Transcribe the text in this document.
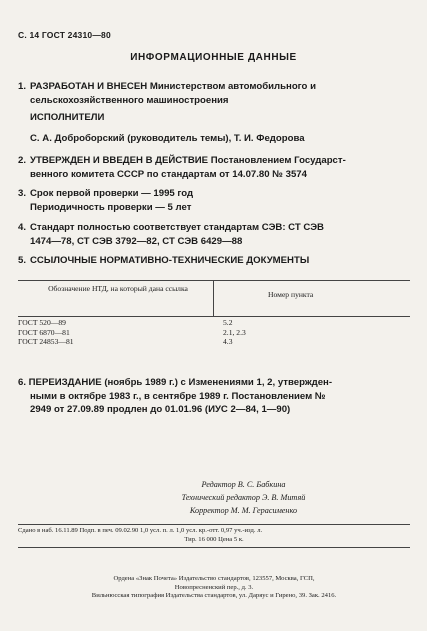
С. 14 ГОСТ 24310—80
ИНФОРМАЦИОННЫЕ ДАННЫЕ
1. РАЗРАБОТАН И ВНЕСЕН Министерством автомобильного и
сельскохозяйственного машиностроения
ИСПОЛНИТЕЛИ
С. А. Доброборский (руководитель темы), Т. И. Федорова
2. УТВЕРЖДЕН И ВВЕДЕН В ДЕЙСТВИЕ Постановлением Государст-
венного комитета СССР по стандартам от 14.07.80 № 3574
3. Срок первой проверки — 1995 год
Периодичность проверки — 5 лет
4. Стандарт полностью соответствует стандартам СЭВ: СТ СЭВ
1474—78, СТ СЭВ 3792—82, СТ СЭВ 6429—88
5. ССЫЛОЧНЫЕ НОРМАТИВНО-ТЕХНИЧЕСКИЕ ДОКУМЕНТЫ
Обозначение НТД, на который дана ссылка
Номер пункта
ГОСТ 520—89
ГОСТ 6870—81
ГОСТ 24853—81
5.2
2.1, 2.3
4.3
6. ПЕРЕИЗДАНИЕ (ноябрь 1989 г.) с Изменениями 1, 2, утвержден-
ными в октябре 1983 г., в сентябре 1989 г. Постановлением №
2949 от 27.09.89 продлен до 01.01.96 (ИУС 2—84, 1—90)
Редактор В. С. Бабкина
Технический редактор Э. В. Митяй
Корректор М. М. Герасименко
Сдано в наб. 16.11.89 Подп. в печ. 09.02.90 1,0 усл. п. л. 1,0 усл. кр.-отт. 0,97 уч.-изд. л.
Тир. 16 000 Цена 5 к.
Ордена «Знак Почета» Издательство стандартов, 123557, Москва, ГСП,
Новопресненский пер., д. 3.
Вильнюсская типография Издательства стандартов, ул. Даряус и Гирено, 39. Зак. 2416.
